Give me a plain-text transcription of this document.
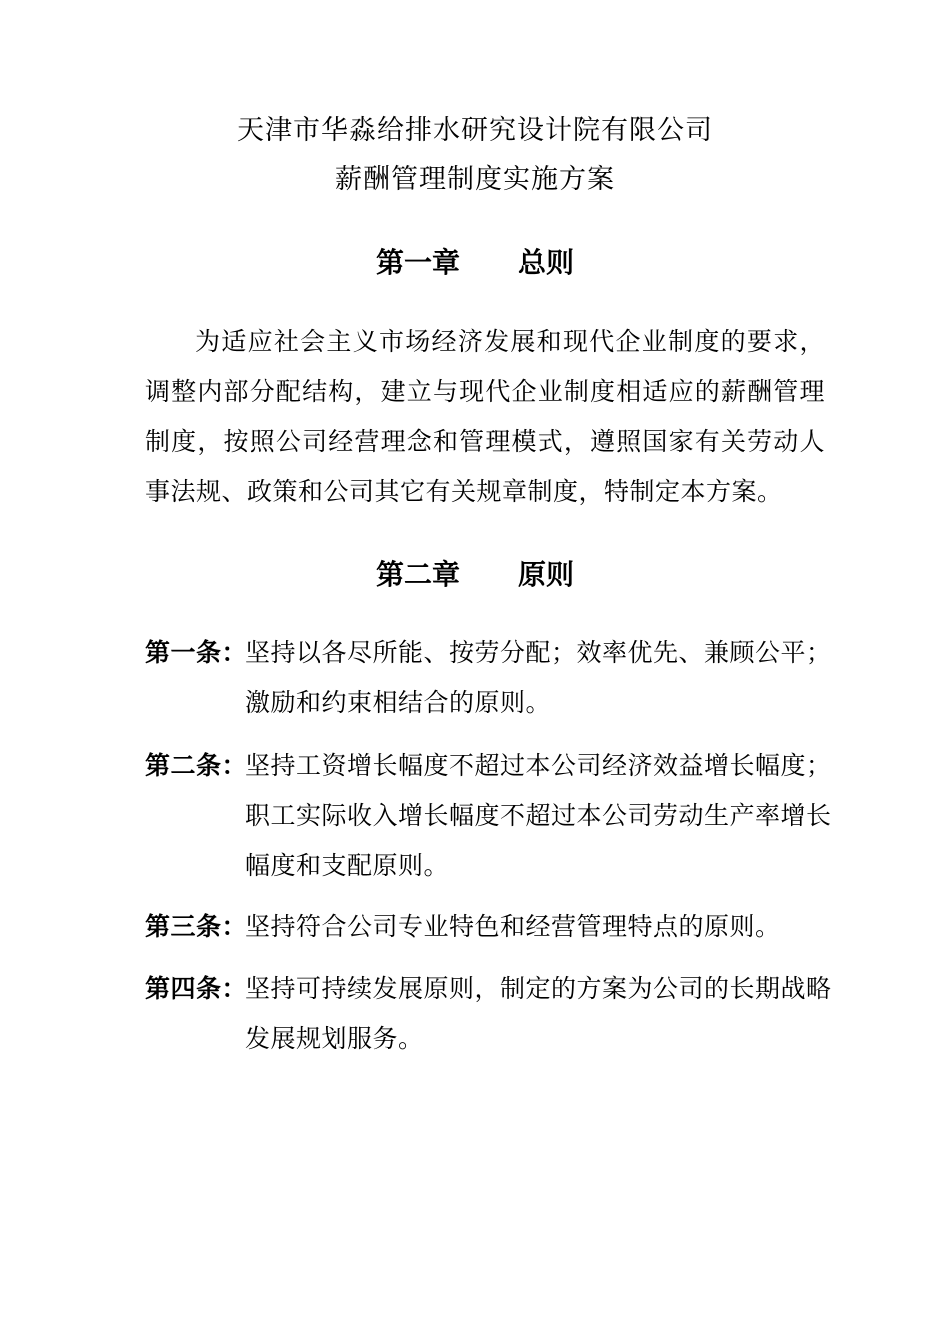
天津市华淼给排水研究设计院有限公司
薪酬管理制度实施方案
第一章 总则
为适应社会主义市场经济发展和现代企业制度的要求，调整内部分配结构，建立与现代企业制度相适应的薪酬管理制度，按照公司经营理念和管理模式，遵照国家有关劳动人事法规、政策和公司其它有关规章制度，特制定本方案。
第二章 原则
第一条：
坚持以各尽所能、按劳分配；效率优先、兼顾公平；激励和约束相结合的原则。
第二条：
坚持工资增长幅度不超过本公司经济效益增长幅度；职工实际收入增长幅度不超过本公司劳动生产率增长幅度和支配原则。
第三条：
坚持符合公司专业特色和经营管理特点的原则。
第四条：
坚持可持续发展原则，制定的方案为公司的长期战略发展规划服务。
